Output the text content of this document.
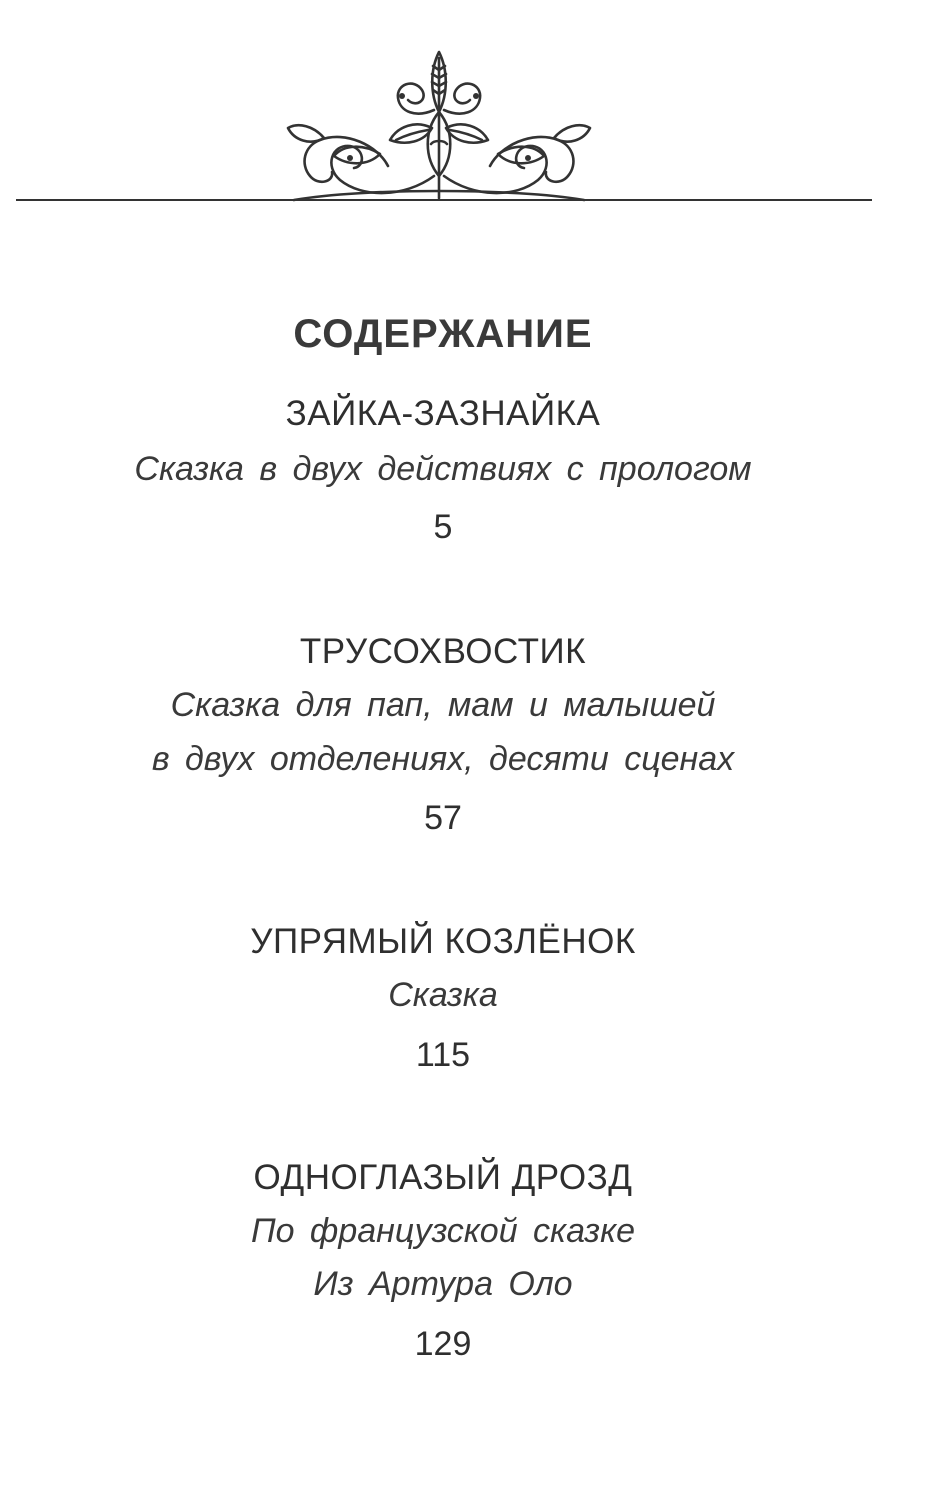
СОДЕРЖАНИЕ
ЗАЙКА-ЗАЗНАЙКА
Сказка в двух действиях с прологом
5
ТРУСОХВОСТИК
Сказка для пап, мам и малышей
в двух отделениях, десяти сценах
57
УПРЯМЫЙ КОЗЛЁНОК
Сказка
115
ОДНОГЛАЗЫЙ ДРОЗД
По французской сказке
Из Артура Оло
129
